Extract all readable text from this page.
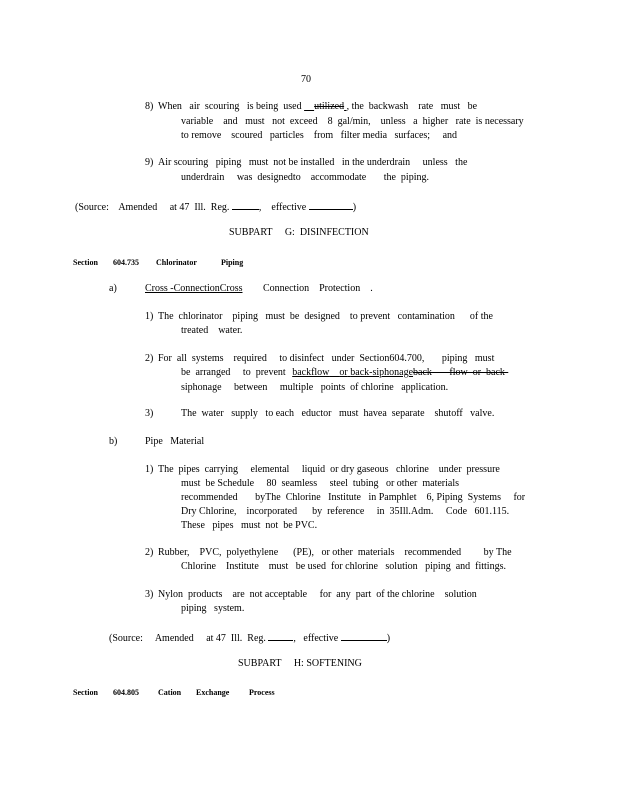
70
8) When   air  scouring   is being  used utilized , the  backwash    rate   must   be
variable    and   must   not  exceed    8  gal/min,    unless   a  higher   rate  is necessary
to remove    scoured   particles    from   filter media   surfaces;     and
9) Air scouring   piping   must  not be installed   in the underdrain     unless   the
underdrain     was  designedto    accommodate       the  piping.
(Source:    Amended     at 47  Ill.  Reg.	,    effective	)
SUBPART     G:  DISINFECTION
Section 604.735 Chlorinator	Piping
a)	Cross -ConnectionCross Connection    Protection    .
1) The  chlorinator    piping   must  be  designed    to prevent   contamination      of the
treated    water.
2) For  all  systems    required     to disinfect   under  Section604.700,       piping   must
be  arranged     to  prevent backflow or back-siphonageback       flow  or  back-
siphonage     between     multiple   points  of chlorine   application.
3)	The  water   supply   to each   eductor   must  havea  separate    shutoff   valve.
b)	Pipe   Material
1) The  pipes  carrying     elemental     liquid  or dry gaseous   chlorine    under  pressure
must  be Schedule     80  seamless     steel  tubing   or other  materials
recommended       byThe  Chlorine   Institute   in Pamphlet    6, Piping  Systems     for
Dry Chlorine,    incorporated      by  reference     in  35Ill.Adm.     Code   601.115.
These   pipes   must  not  be PVC.
2) Rubber,    PVC,  polyethylene      (PE),   or other  materials    recommended         by The
Chlorine    Institute    must   be used  for chlorine   solution   piping  and  fittings.
3) Nylon  products    are  not acceptable     for  any  part  of the chlorine    solution
piping   system.
(Source:     Amended     at 47  Ill.  Reg.	,   effective	)
SUBPART     H: SOFTENING
Section 604.805 Cation Exchange Process
